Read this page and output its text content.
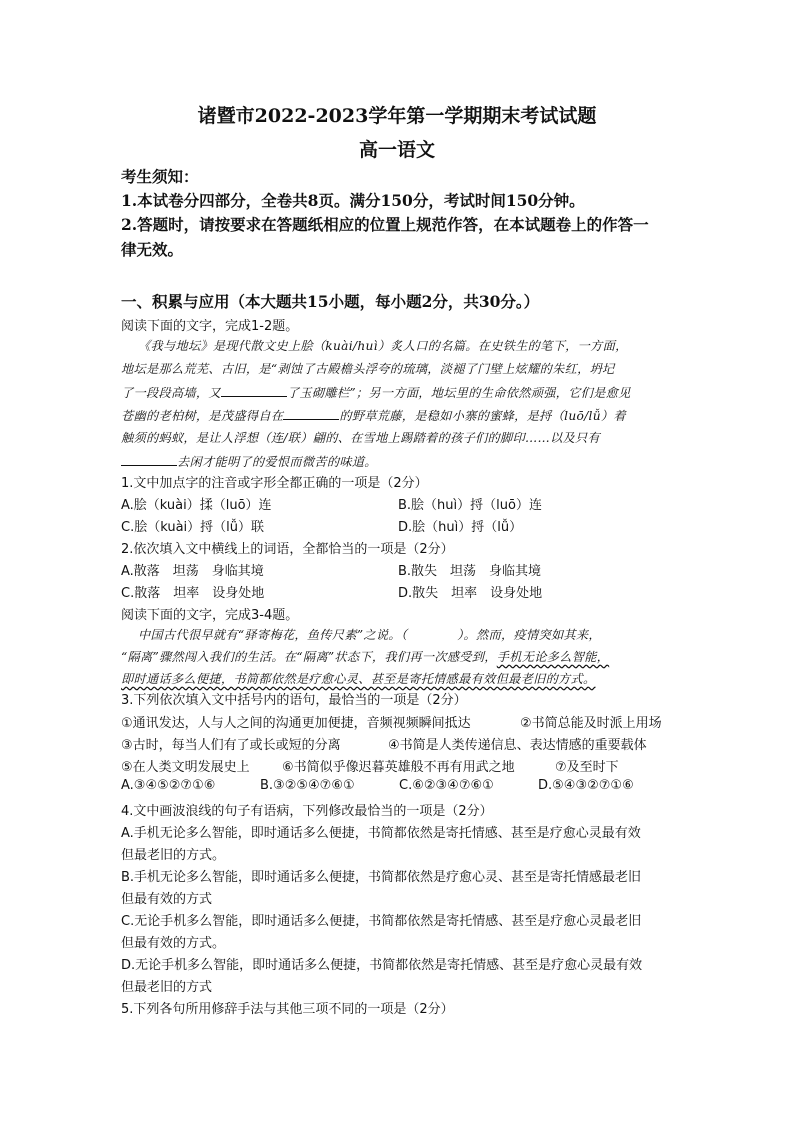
诸暨市2022-2023学年第一学期期末考试试题
高一语文
考生须知：
1.本试卷分四部分，全卷共8页。满分150分，考试时间150分钟。
2.答题时，请按要求在答题纸相应的位置上规范作答，在本试题卷上的作答一
律无效。
一、积累与应用（本大题共15小题，每小题2分，共30分。）
阅读下面的文字，完成1-2题。
《我与地坛》是现代散文史上脍（kuài/huì）炙人口的名篇。在史铁生的笔下，一方面，
地坛是那么荒芜、古旧，是“剥蚀了古殿檐头浮夸的琉璃，淡褪了门壁上炫耀的朱红，坍圮
了一段段高墙，又	了玉砌雕栏”；另一方面，地坛里的生命依然顽强，它们是愈见
苍幽的老柏树，是茂盛得自在	的野草荒藤，是稳如小寨的蜜蜂，是捋（luō/lǚ）着
触须的蚂蚁，是让人浮想（连/联）翩的、在雪地上踢踏着的孩子们的脚印……以及只有
去闲才能明了的爱恨而微苦的味道。
1.文中加点字的注音或字形全都正确的一项是（2分）
A.脍（kuài）揉（luō）连	B.脍（huì）捋（luō）连
C.脍（kuài）捋（lǚ）联	D.脍（huì）捋（lǚ）
2.依次填入文中横线上的词语，全都恰当的一项是（2分）
A.散落　坦荡　身临其境	B.散失　坦荡　身临其境
C.散落　坦率　设身处地	D.散失　坦率　设身处地
阅读下面的文字，完成3-4题。
中国古代很早就有“驿寄梅花，鱼传尺素”之说。（　　　　）。然而，疫情突如其来，
“隔离”骤然闯入我们的生活。在“隔离”状态下，我们再一次感受到，手机无论多么智能，
即时通话多么便捷，书简都依然是疗愈心灵、甚至是寄托情感最有效但最老旧的方式。
3.下列依次填入文中括号内的语句，最恰当的一项是（2分）
①通讯发达，人与人之间的沟通更加便捷，音频视频瞬间抵达	②书简总能及时派上用场
③古时，每当人们有了或长或短的分离	④书简是人类传递信息、表达情感的重要载体
⑤在人类文明发展史上 ⑥书简似乎像迟暮英雄般不再有用武之地	⑦及至时下
A.③④⑤②⑦①⑥	B.③②⑤④⑦⑥①	C.⑥②③④⑦⑥①	D.⑤④③②⑦①⑥
4.文中画波浪线的句子有语病，下列修改最恰当的一项是（2分）
A.手机无论多么智能，即时通话多么便捷，书简都依然是寄托情感、甚至是疗愈心灵最有效
但最老旧的方式。
B.手机无论多么智能，即时通话多么便捷，书简都依然是疗愈心灵、甚至是寄托情感最老旧
但最有效的方式
C.无论手机多么智能，即时通话多么便捷，书简都依然是寄托情感、甚至是疗愈心灵最老旧
但最有效的方式。
D.无论手机多么智能，即时通话多么便捷，书简都依然是寄托情感、甚至是疗愈心灵最有效
但最老旧的方式
5.下列各句所用修辞手法与其他三项不同的一项是（2分）
